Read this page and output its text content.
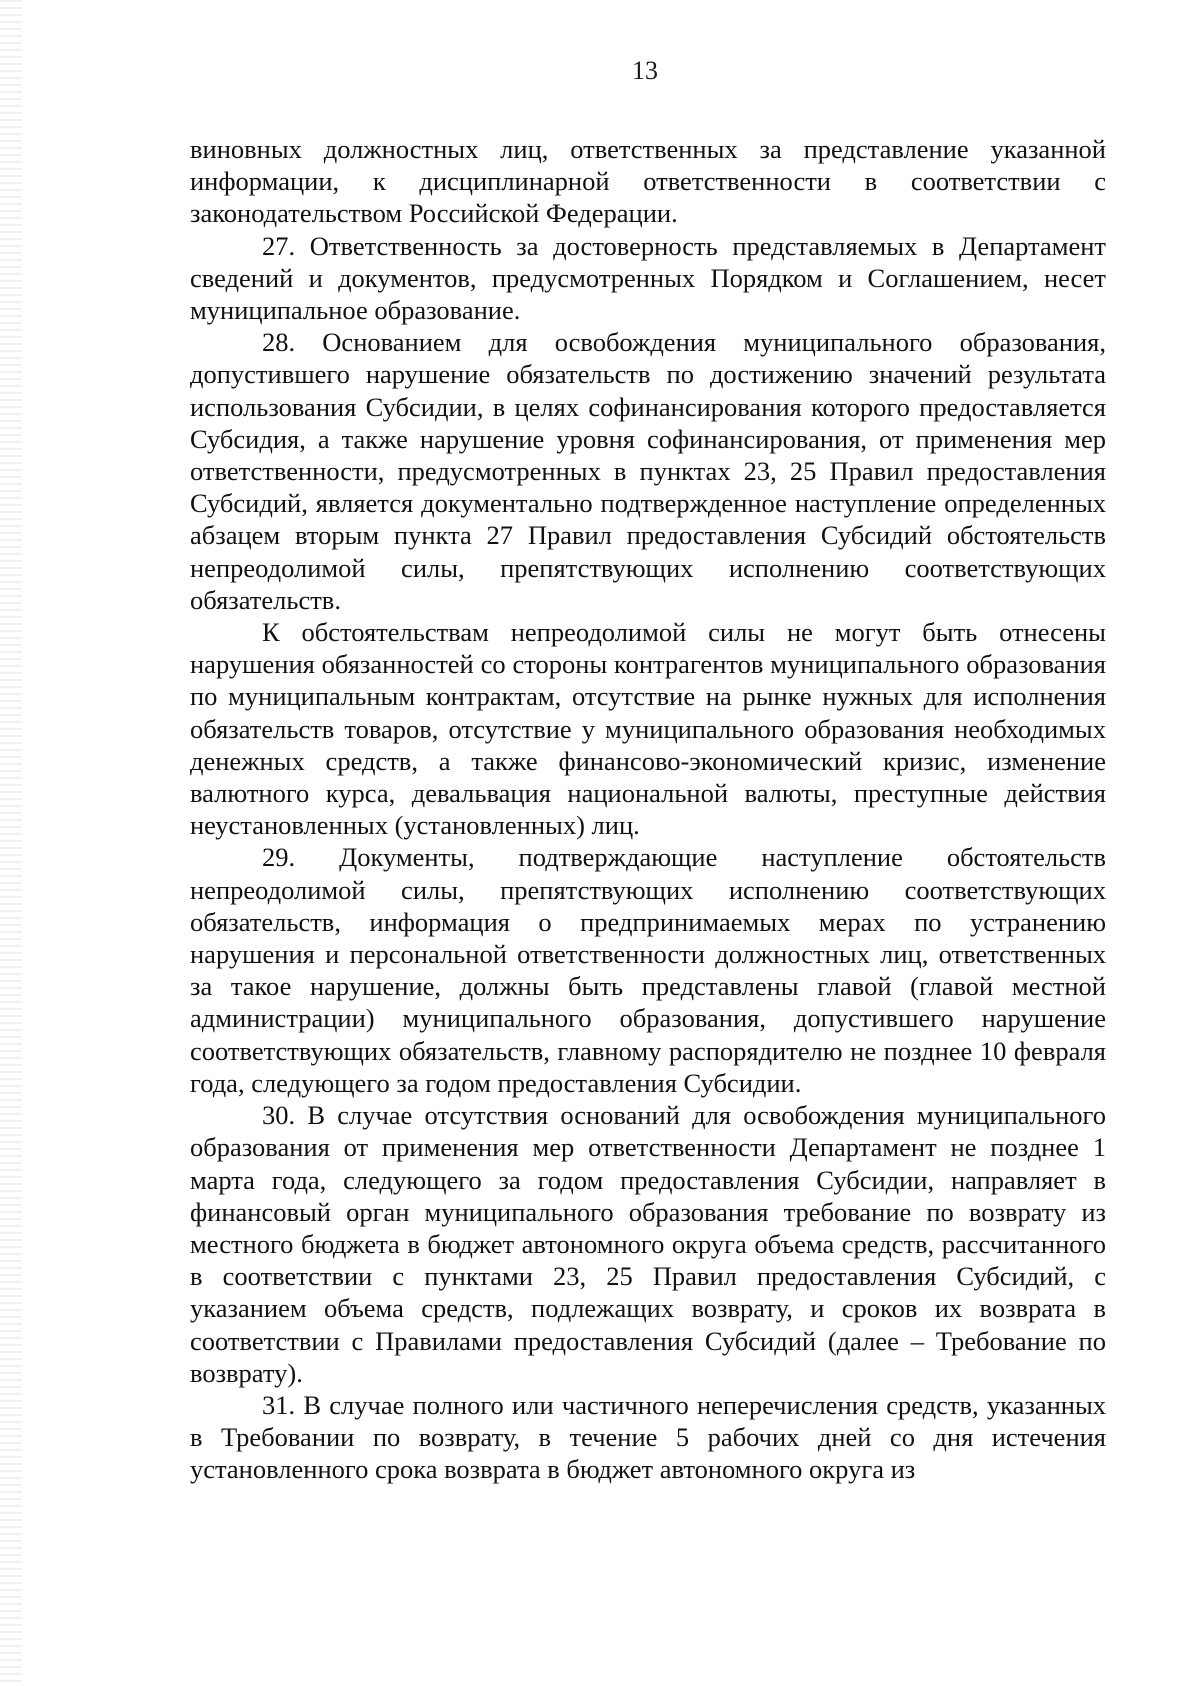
13

виновных должностных лиц, ответственных за представление указанной информации, к дисциплинарной ответственности в соответствии с законодательством Российской Федерации.

27. Ответственность за достоверность представляемых в Департамент сведений и документов, предусмотренных Порядком и Соглашением, несет муниципальное образование.

28. Основанием для освобождения муниципального образования, допустившего нарушение обязательств по достижению значений результата использования Субсидии, в целях софинансирования которого предоставляется Субсидия, а также нарушение уровня софинансирования, от применения мер ответственности, предусмотренных в пунктах 23, 25 Правил предоставления Субсидий, является документально подтвержденное наступление определенных абзацем вторым пункта 27 Правил предоставления Субсидий обстоятельств непреодолимой силы, препятствующих исполнению соответствующих обязательств.

К обстоятельствам непреодолимой силы не могут быть отнесены нарушения обязанностей со стороны контрагентов муниципального образования по муниципальным контрактам, отсутствие на рынке нужных для исполнения обязательств товаров, отсутствие у муниципального образования необходимых денежных средств, а также финансово-экономический кризис, изменение валютного курса, девальвация национальной валюты, преступные действия неустановленных (установленных) лиц.

29. Документы, подтверждающие наступление обстоятельств непреодолимой силы, препятствующих исполнению соответствующих обязательств, информация о предпринимаемых мерах по устранению нарушения и персональной ответственности должностных лиц, ответственных за такое нарушение, должны быть представлены главой (главой местной администрации) муниципального образования, допустившего нарушение соответствующих обязательств, главному распорядителю не позднее 10 февраля года, следующего за годом предоставления Субсидии.

30. В случае отсутствия оснований для освобождения муниципального образования от применения мер ответственности Департамент не позднее 1 марта года, следующего за годом предоставления Субсидии, направляет в финансовый орган муниципального образования требование по возврату из местного бюджета в бюджет автономного округа объема средств, рассчитанного в соответствии с пунктами 23, 25 Правил предоставления Субсидий, с указанием объема средств, подлежащих возврату, и сроков их возврата в соответствии с Правилами предоставления Субсидий (далее – Требование по возврату).

31. В случае полного или частичного неперечисления средств, указанных в Требовании по возврату, в течение 5 рабочих дней со дня истечения установленного срока возврата в бюджет автономного округа из
